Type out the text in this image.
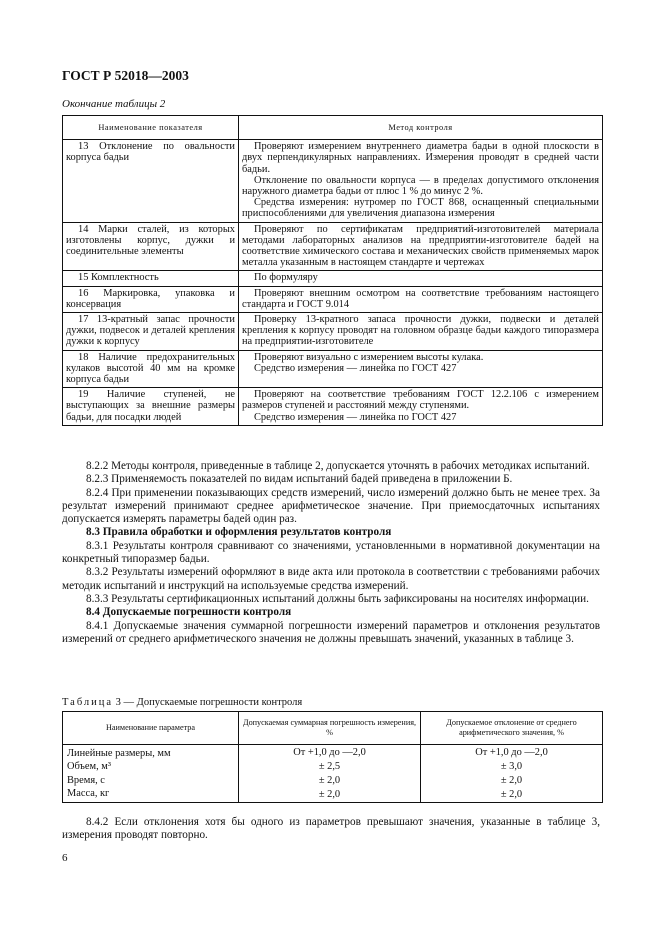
ГОСТ Р 52018—2003
Окончание таблицы 2
Наименование показателя	Метод контроля

13 Отклонение по овальности корпуса бадьи	Проверяют измерением внутреннего диаметра бадьи в одной плоскости в двух перпендикулярных направлениях. Измерения проводят в средней части бадьи.

Отклонение по овальности корпуса — в пределах допустимого отклонения наружного диаметра бадьи от плюс 1 % до минус 2 %.

Средства измерения: нутромер по ГОСТ 868, оснащенный специальными приспособлениями для увеличения диапазона измерения

14 Марки сталей, из которых изготовлены корпус, дужки и соединительные элементы	Проверяют по сертификатам предприятий-изготовителей материала методами лабораторных анализов на предприятии-изготовителе бадей на соответствие химического состава и механических свойств применяемых марок металла указанным в настоящем стандарте и чертежах

15 Комплектность	По формуляру

16 Маркировка, упаковка и консервация	Проверяют внешним осмотром на соответствие требованиям настоящего стандарта и ГОСТ 9.014

17 13-кратный запас прочности дужки, подвесок и деталей крепления дужки к корпусу	Проверку 13-кратного запаса прочности дужки, подвески и деталей крепления к корпусу проводят на головном образце бадьи каждого типоразмера на предприятии-изготовителе

18 Наличие предохранительных кулаков высотой 40 мм на кромке корпуса бадьи	Проверяют визуально с измерением высоты кулака.

Средство измерения — линейка по ГОСТ 427

19 Наличие ступеней, не выступающих за внешние размеры бадьи, для посадки людей	Проверяют на соответствие требованиям ГОСТ 12.2.106 с измерением размеров ступеней и расстояний между ступенями.

Средство измерения — линейка по ГОСТ 427

8.2.2 Методы контроля, приведенные в таблице 2, допускается уточнять в рабочих методиках испытаний.

8.2.3 Применяемость показателей по видам испытаний бадей приведена в приложении Б.

8.2.4 При применении показывающих средств измерений, число измерений должно быть не менее трех. За результат измерений принимают среднее арифметическое значение. При приемосдаточных испытаниях допускается измерять параметры бадей один раз.

8.3 Правила обработки и оформления результатов контроля

8.3.1 Результаты контроля сравнивают со значениями, установленными в нормативной документации на конкретный типоразмер бадьи.

8.3.2 Результаты измерений оформляют в виде акта или протокола в соответствии с требованиями рабочих методик испытаний и инструкций на используемые средства измерений.

8.3.3 Результаты сертификационных испытаний должны быть зафиксированы на носителях информации.

8.4 Допускаемые погрешности контроля

8.4.1 Допускаемые значения суммарной погрешности измерений параметров и отклонения результатов измерений от среднего арифметического значения не должны превышать значений, указанных в таблице 3.

Таблица 3 — Допускаемые погрешности контроля
Наименование параметра	Допускаемая суммарная погрешность измерения, %	Допускаемое отклонение от среднего арифметического значения, %
Линейные размеры, мм	От +1,0 до —2,0	От +1,0 до —2,0
Объем, м³	± 2,5	± 3,0
Время, с	± 2,0	± 2,0
Масса, кг	± 2,0	± 2,0

8.4.2 Если отклонения хотя бы одного из параметров превышают значения, указанные в таблице 3, измерения проводят повторно.

6
